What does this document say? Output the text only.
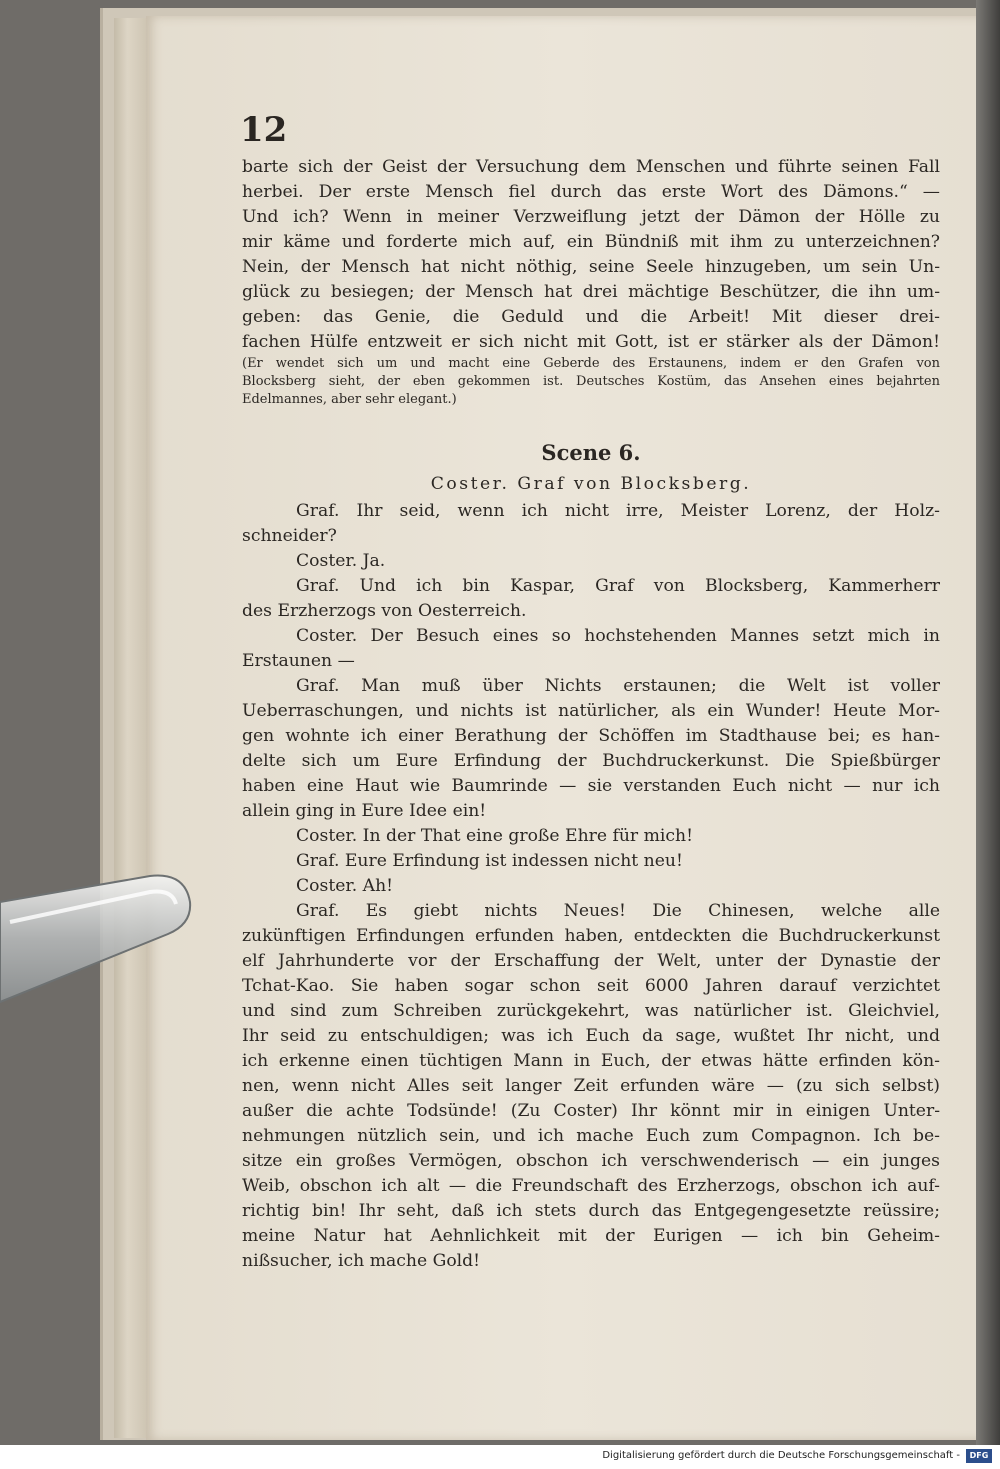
12
barte sich der Geist der Versuchung dem Menschen und führte seinen Fall
herbei. Der erste Mensch fiel durch das erste Wort des Dämons.“ —
Und ich? Wenn in meiner Verzweiflung jetzt der Dämon der Hölle zu
mir käme und forderte mich auf, ein Bündniß mit ihm zu unterzeichnen?
Nein, der Mensch hat nicht nöthig, seine Seele hinzugeben, um sein Un-
glück zu besiegen; der Mensch hat drei mächtige Beschützer, die ihn um-
geben: das Genie, die Geduld und die Arbeit! Mit dieser drei-
fachen Hülfe entzweit er sich nicht mit Gott, ist er stärker als der Dämon!
(Er wendet sich um und macht eine Geberde des Erstaunens, indem er den Grafen von
Blocksberg sieht, der eben gekommen ist. Deutsches Kostüm, das Ansehen eines bejahrten
Edelmannes, aber sehr elegant.)
Scene 6.
Coster. Graf von Blocksberg.
Graf. Ihr seid, wenn ich nicht irre, Meister Lorenz, der Holz-
schneider?
Coster. Ja.
Graf. Und ich bin Kaspar, Graf von Blocksberg, Kammerherr
des Erzherzogs von Oesterreich.
Coster. Der Besuch eines so hochstehenden Mannes setzt mich in
Erstaunen —
Graf. Man muß über Nichts erstaunen; die Welt ist voller
Ueberraschungen, und nichts ist natürlicher, als ein Wunder! Heute Mor-
gen wohnte ich einer Berathung der Schöffen im Stadthause bei; es han-
delte sich um Eure Erfindung der Buchdruckerkunst. Die Spießbürger
haben eine Haut wie Baumrinde — sie verstanden Euch nicht — nur ich
allein ging in Eure Idee ein!
Coster. In der That eine große Ehre für mich!
Graf. Eure Erfindung ist indessen nicht neu!
Coster. Ah!
Graf. Es giebt nichts Neues! Die Chinesen, welche alle
zukünftigen Erfindungen erfunden haben, entdeckten die Buchdruckerkunst
elf Jahrhunderte vor der Erschaffung der Welt, unter der Dynastie der
Tchat-Kao. Sie haben sogar schon seit 6000 Jahren darauf verzichtet
und sind zum Schreiben zurückgekehrt, was natürlicher ist. Gleichviel,
Ihr seid zu entschuldigen; was ich Euch da sage, wußtet Ihr nicht, und
ich erkenne einen tüchtigen Mann in Euch, der etwas hätte erfinden kön-
nen, wenn nicht Alles seit langer Zeit erfunden wäre — (zu sich selbst)
außer die achte Todsünde! (Zu Coster) Ihr könnt mir in einigen Unter-
nehmungen nützlich sein, und ich mache Euch zum Compagnon. Ich be-
sitze ein großes Vermögen, obschon ich verschwenderisch — ein junges
Weib, obschon ich alt — die Freundschaft des Erzherzogs, obschon ich auf-
richtig bin! Ihr seht, daß ich stets durch das Entgegengesetzte reüssire;
meine Natur hat Aehnlichkeit mit der Eurigen — ich bin Geheim-
nißsucher, ich mache Gold!
Digitalisierung gefördert durch die Deutsche Forschungsgemeinschaft -	DFG
